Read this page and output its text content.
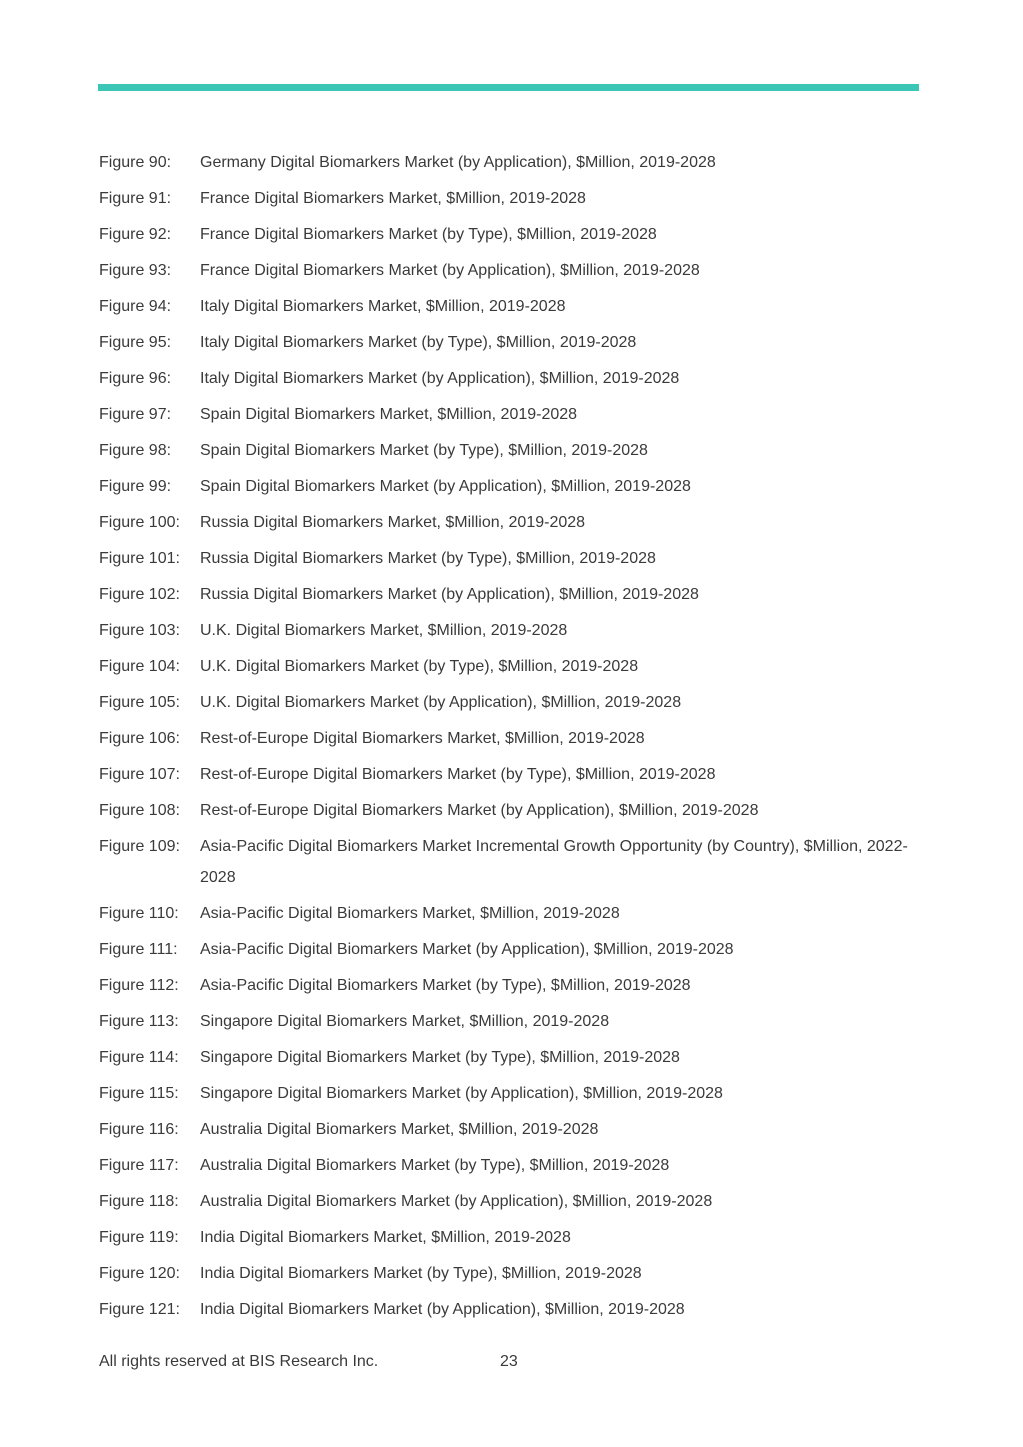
Figure 90:	Germany Digital Biomarkers Market (by Application), $Million, 2019-2028
Figure 91:	France Digital Biomarkers Market, $Million, 2019-2028
Figure 92:	France Digital Biomarkers Market (by Type), $Million, 2019-2028
Figure 93:	France Digital Biomarkers Market (by Application), $Million, 2019-2028
Figure 94:	Italy Digital Biomarkers Market, $Million, 2019-2028
Figure 95:	Italy Digital Biomarkers Market (by Type), $Million, 2019-2028
Figure 96:	Italy Digital Biomarkers Market (by Application), $Million, 2019-2028
Figure 97:	Spain Digital Biomarkers Market, $Million, 2019-2028
Figure 98:	Spain Digital Biomarkers Market (by Type), $Million, 2019-2028
Figure 99:	Spain Digital Biomarkers Market (by Application), $Million, 2019-2028
Figure 100:	Russia Digital Biomarkers Market, $Million, 2019-2028
Figure 101:	Russia Digital Biomarkers Market (by Type), $Million, 2019-2028
Figure 102:	Russia Digital Biomarkers Market (by Application), $Million, 2019-2028
Figure 103:	U.K. Digital Biomarkers Market, $Million, 2019-2028
Figure 104:	U.K. Digital Biomarkers Market (by Type), $Million, 2019-2028
Figure 105:	U.K. Digital Biomarkers Market (by Application), $Million, 2019-2028
Figure 106:	Rest-of-Europe Digital Biomarkers Market, $Million, 2019-2028
Figure 107:	Rest-of-Europe Digital Biomarkers Market (by Type), $Million, 2019-2028
Figure 108:	Rest-of-Europe Digital Biomarkers Market (by Application), $Million, 2019-2028
Figure 109:	Asia-Pacific Digital Biomarkers Market Incremental Growth Opportunity (by Country), $Million, 2022-2028
Figure 110:	Asia-Pacific Digital Biomarkers Market, $Million, 2019-2028
Figure 111:	Asia-Pacific Digital Biomarkers Market (by Application), $Million, 2019-2028
Figure 112:	Asia-Pacific Digital Biomarkers Market (by Type), $Million, 2019-2028
Figure 113:	Singapore Digital Biomarkers Market, $Million, 2019-2028
Figure 114:	Singapore Digital Biomarkers Market (by Type), $Million, 2019-2028
Figure 115:	Singapore Digital Biomarkers Market (by Application), $Million, 2019-2028
Figure 116:	Australia Digital Biomarkers Market, $Million, 2019-2028
Figure 117:	Australia Digital Biomarkers Market (by Type), $Million, 2019-2028
Figure 118:	Australia Digital Biomarkers Market (by Application), $Million, 2019-2028
Figure 119:	India Digital Biomarkers Market, $Million, 2019-2028
Figure 120:	India Digital Biomarkers Market (by Type), $Million, 2019-2028
Figure 121:	India Digital Biomarkers Market (by Application), $Million, 2019-2028
All rights reserved at BIS Research Inc.	23
